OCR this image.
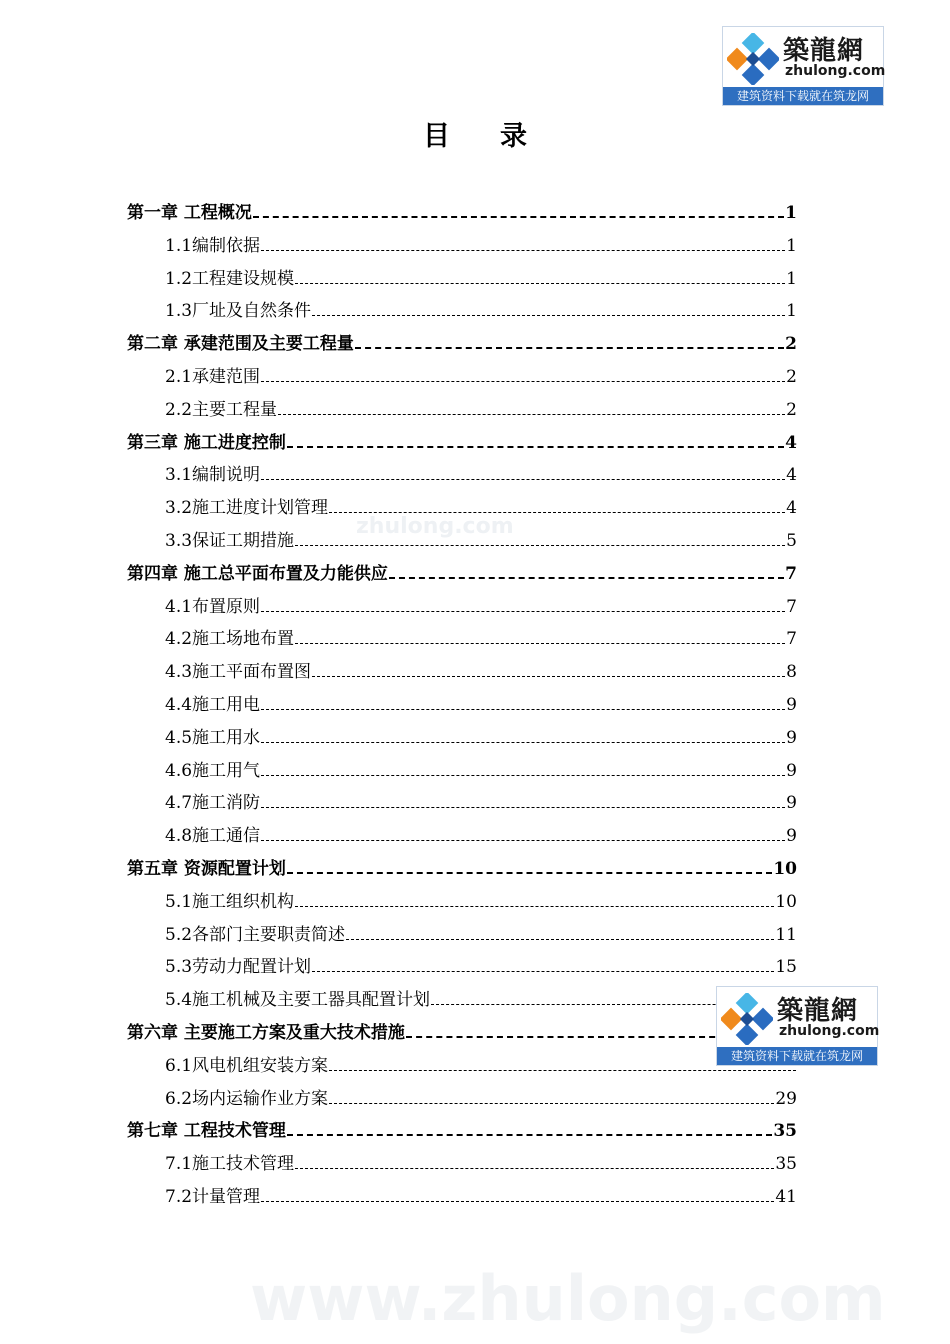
築龍網
zhulong.com
建筑资料下载就在筑龙网
目 录
zhulong.com
www.zhulong.com
第一章 工程概况	1
1.1编制依据	1
1.2工程建设规模	1
1.3厂址及自然条件	1
第二章 承建范围及主要工程量	2
2.1承建范围	2
2.2主要工程量	2
第三章 施工进度控制	4
3.1编制说明	4
3.2施工进度计划管理	4
3.3保证工期措施	5
第四章 施工总平面布置及力能供应	7
4.1布置原则	7
4.2施工场地布置	7
4.3施工平面布置图	8
4.4施工用电	9
4.5施工用水	9
4.6施工用气	9
4.7施工消防	9
4.8施工通信	9
第五章 资源配置计划	10
5.1施工组织机构	10
5.2各部门主要职责简述	11
5.3劳动力配置计划	15
5.4施工机械及主要工器具配置计划
第六章 主要施工方案及重大技术措施
6.1风电机组安装方案
6.2场内运输作业方案	29
第七章 工程技术管理	35
7.1施工技术管理	35
7.2计量管理	41
築龍網
zhulong.com
建筑资料下载就在筑龙网
